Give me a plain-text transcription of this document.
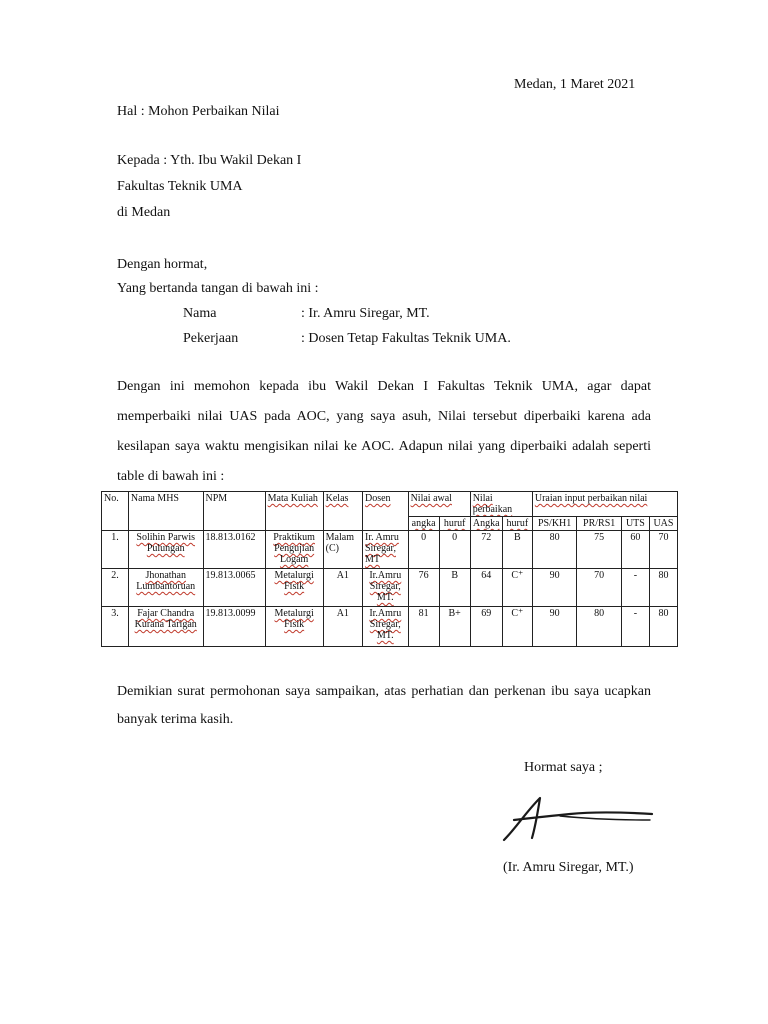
Medan, 1 Maret 2021
Hal : Mohon Perbaikan Nilai
Kepada : Yth. Ibu Wakil Dekan I
Fakultas Teknik UMA
di Medan
Dengan hormat,
Yang bertanda tangan di bawah ini :
Nama	: Ir. Amru Siregar, MT.
Pekerjaan	: Dosen Tetap Fakultas Teknik UMA.
Dengan ini memohon kepada ibu Wakil Dekan I Fakultas Teknik UMA, agar dapat memperbaiki nilai UAS pada AOC, yang saya asuh, Nilai tersebut diperbaiki karena ada kesilapan saya waktu mengisikan nilai ke AOC. Adapun nilai yang diperbaiki adalah seperti table di bawah ini :
No.	Nama MHS	NPM	Mata Kuliah	Kelas	Dosen	Nilai awal		Nilai perbaikan		Uraian input perbaikan nilai			
						angka	huruf	Angka	huruf	PS/KH1	PR/RS1	UTS	UAS
1.	Solihin Parwis Pulungan	18.813.0162	Praktikum Pengujian Logam	Malam (C)	Ir. Amru Siregar, MT	0	0	72	B	80	75	60	70
2.	Jhonathan Lumbantoruan	19.813.0065	Metalurgi Fisik	A1	Ir.Amru Siregar, MT.	76	B	64	C⁺	90	70	-	80
3.	Fajar Chandra Kurana Tarigan	19.813.0099	Metalurgi Fisik	A1	Ir.Amru Siregar, MT.	81	B+	69	C⁺	90	80	-	80
Demikian surat permohonan saya sampaikan, atas perhatian dan perkenan ibu saya ucapkan banyak terima kasih.
Hormat saya ;
(Ir. Amru Siregar, MT.)
